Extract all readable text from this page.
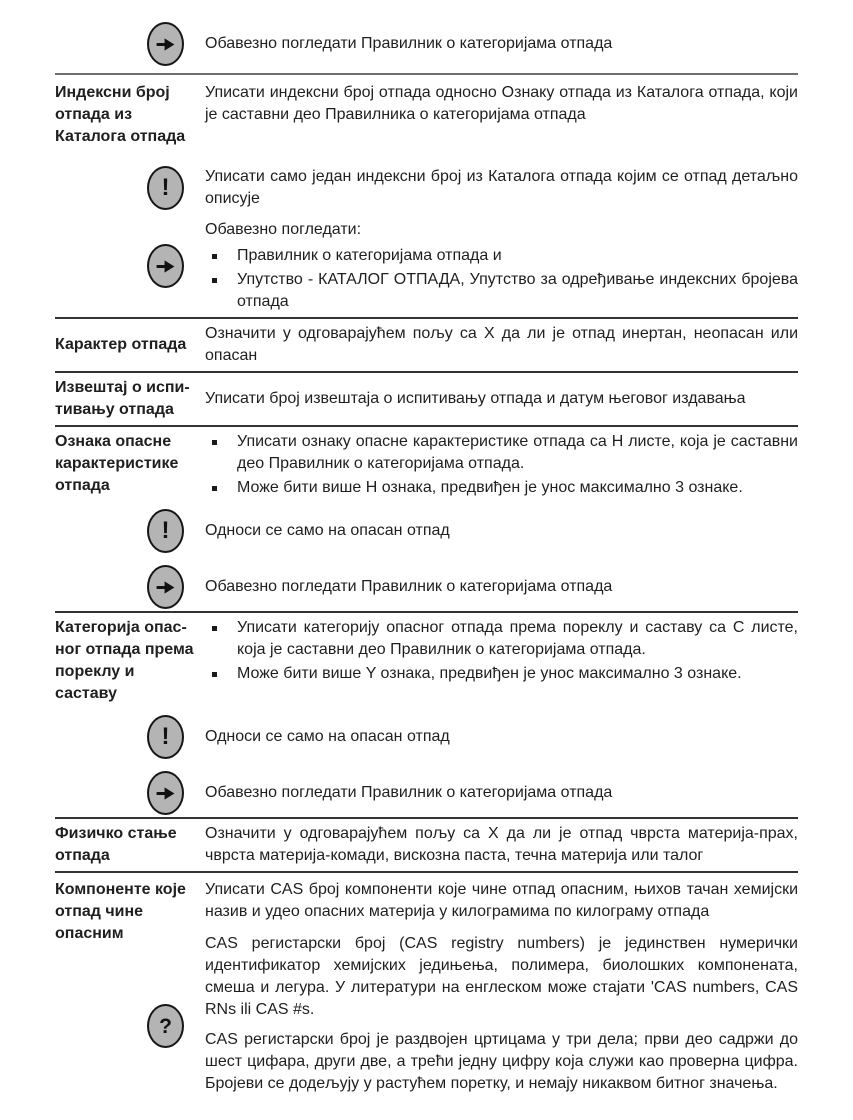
Обавезно погледати Правилник о категоријама отпада

Индексни број отпада из Каталога отпада

Уписати индексни број отпада односно Ознаку отпада из Каталога отпада, који је саставни део Правилника о категоријама отпада

! Уписати само један индексни број из Каталога отпада којим се отпад детаљно описује

Обавезно погледати:

Правилник о категоријама отпада и

Упутство - КАТАЛОГ ОТПАДА, Упутство за одређивање индексних бројева отпада

Карактер отпада

Означити у одговарајућем пољу са X да ли је отпад инертан, неопасан или опасан

Извештај о испи-тивању отпада

Уписати број извештаја о испитивању отпада и датум његовог издавања

Ознака опасне карактеристике отпада

Уписати ознаку опасне карактеристике отпада са Н листе, која је саставни део Правилник о категоријама отпада.

Може бити више Н ознака, предвиђен је унос максимално 3 ознаке.

! Односи се само на опасан отпад

Обавезно погледати Правилник о категоријама отпада

Категорија опас-ног отпада према пореклу и саставу

Уписати категорију опасног отпада према пореклу и саставу са С листе, која је саставни део Правилник о категоријама отпада.

Може бити више Y ознака, предвиђен је унос максимално 3 ознаке.

! Односи се само на опасан отпад

Обавезно погледати Правилник о категоријама отпада

Физичко стање отпада

Означити у одговарајућем пољу са X да ли је отпад чврста материја-прах, чврста материја-комади, вискозна паста, течна материја или талог

?
Компоненте које отпад чине опасним

Уписати CAS број компоненти које чине отпад опасним, њихов тачан хемијски назив и удео опасних материја у килограмима по килограму отпада

CAS регистарски број (CAS registry numbers) је јединствен нумерички идентификатор хемијских једињења, полимера, биолошких компонената, смеша и легура. У литератури на енглеском може стајати 'CAS numbers, CAS RNs ili CAS #s.

CAS регистарски број је раздвојен цртицама у три дела; први део садржи до шест цифара, други две, а трећи једну цифру која служи као проверна цифра. Бројеви се додељују у растућем поретку, и немају никаквом битног значења.
